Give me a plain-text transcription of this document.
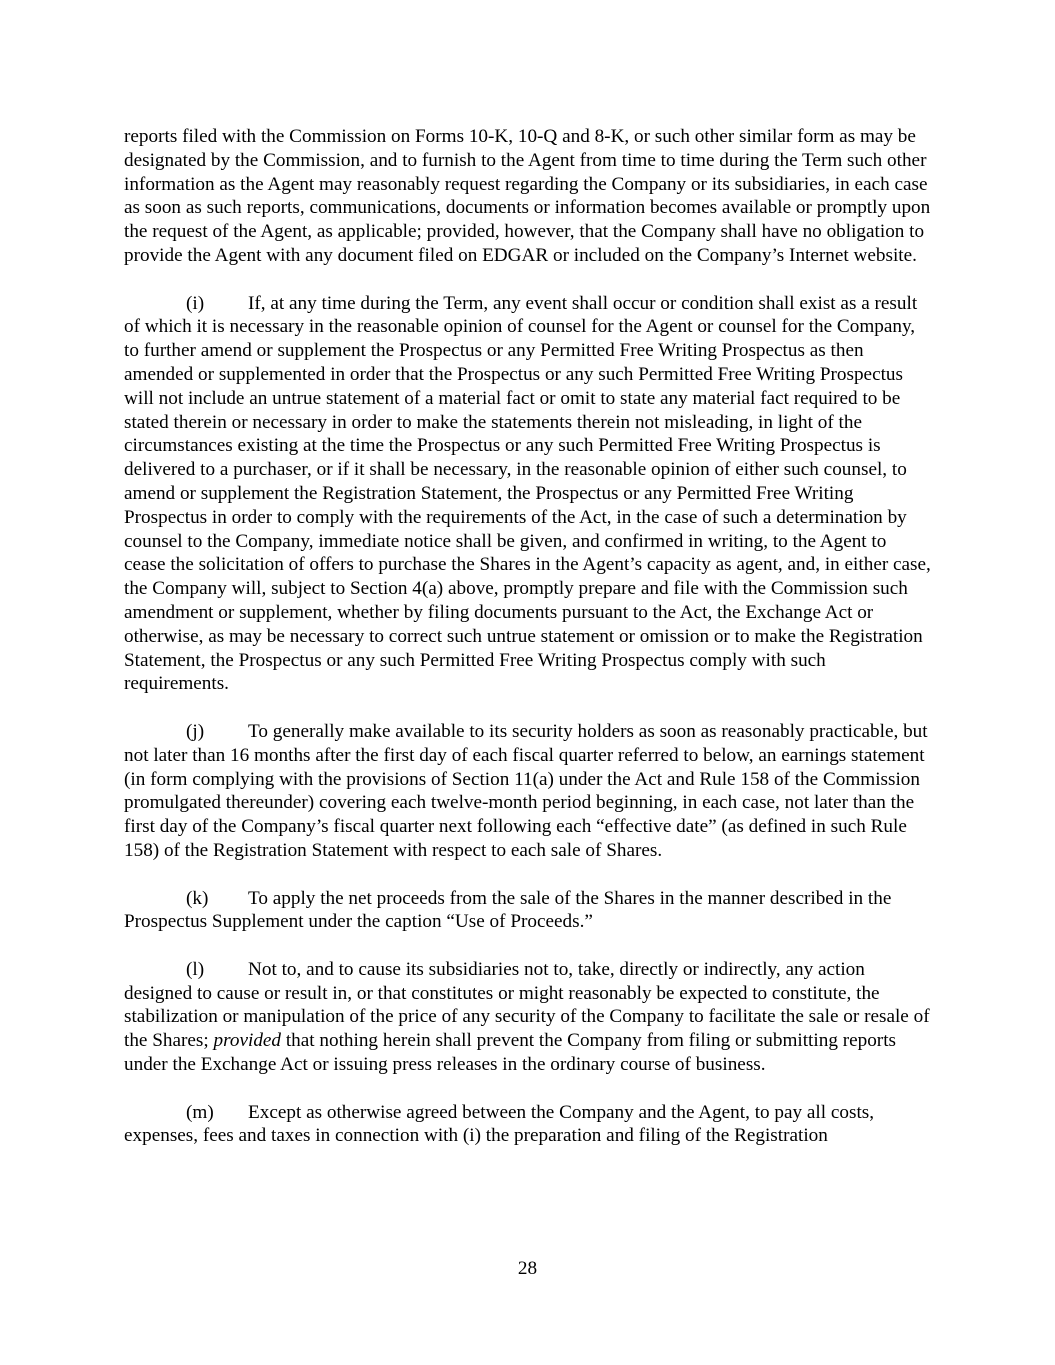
reports filed with the Commission on Forms 10-K, 10-Q and 8-K, or such other similar form as may be designated by the Commission, and to furnish to the Agent from time to time during the Term such other information as the Agent may reasonably request regarding the Company or its subsidiaries, in each case as soon as such reports, communications, documents or information becomes available or promptly upon the request of the Agent, as applicable; provided, however, that the Company shall have no obligation to provide the Agent with any document filed on EDGAR or included on the Company’s Internet website.

(i) If, at any time during the Term, any event shall occur or condition shall exist as a result of which it is necessary in the reasonable opinion of counsel for the Agent or counsel for the Company, to further amend or supplement the Prospectus or any Permitted Free Writing Prospectus as then amended or supplemented in order that the Prospectus or any such Permitted Free Writing Prospectus will not include an untrue statement of a material fact or omit to state any material fact required to be stated therein or necessary in order to make the statements therein not misleading, in light of the circumstances existing at the time the Prospectus or any such Permitted Free Writing Prospectus is delivered to a purchaser, or if it shall be necessary, in the reasonable opinion of either such counsel, to amend or supplement the Registration Statement, the Prospectus or any Permitted Free Writing Prospectus in order to comply with the requirements of the Act, in the case of such a determination by counsel to the Company, immediate notice shall be given, and confirmed in writing, to the Agent to cease the solicitation of offers to purchase the Shares in the Agent’s capacity as agent, and, in either case, the Company will, subject to Section 4(a) above, promptly prepare and file with the Commission such amendment or supplement, whether by filing documents pursuant to the Act, the Exchange Act or otherwise, as may be necessary to correct such untrue statement or omission or to make the Registration Statement, the Prospectus or any such Permitted Free Writing Prospectus comply with such requirements.

(j) To generally make available to its security holders as soon as reasonably practicable, but not later than 16 months after the first day of each fiscal quarter referred to below, an earnings statement (in form complying with the provisions of Section 11(a) under the Act and Rule 158 of the Commission promulgated thereunder) covering each twelve-month period beginning, in each case, not later than the first day of the Company’s fiscal quarter next following each “effective date” (as defined in such Rule 158) of the Registration Statement with respect to each sale of Shares.

(k) To apply the net proceeds from the sale of the Shares in the manner described in the Prospectus Supplement under the caption “Use of Proceeds.”

(l) Not to, and to cause its subsidiaries not to, take, directly or indirectly, any action designed to cause or result in, or that constitutes or might reasonably be expected to constitute, the stabilization or manipulation of the price of any security of the Company to facilitate the sale or resale of the Shares; provided that nothing herein shall prevent the Company from filing or submitting reports under the Exchange Act or issuing press releases in the ordinary course of business.

(m) Except as otherwise agreed between the Company and the Agent, to pay all costs, expenses, fees and taxes in connection with (i) the preparation and filing of the Registration

28
